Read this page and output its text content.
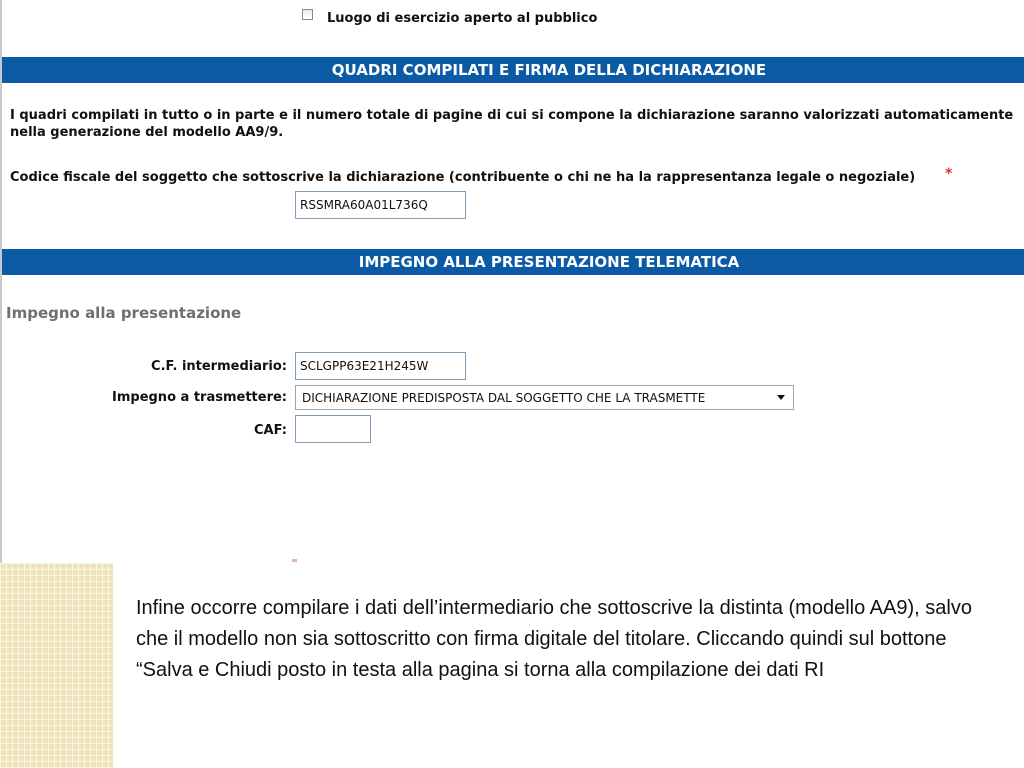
Luogo di esercizio aperto al pubblico
QUADRI COMPILATI E FIRMA DELLA DICHIARAZIONE
I quadri compilati in tutto o in parte e il numero totale di pagine di cui si compone la dichiarazione saranno valorizzati automaticamente
nella generazione del modello AA9/9.
Codice fiscale del soggetto che sottoscrive la dichiarazione (contribuente o chi ne ha la rappresentanza legale o negoziale) *
RSSMRA60A01L736Q
IMPEGNO ALLA PRESENTAZIONE TELEMATICA
Impegno alla presentazione
C.F. intermediario:	SCLGPP63E21H245W
Impegno a trasmettere: DICHIARAZIONE PREDISPOSTA DAL SOGGETTO CHE LA TRASMETTE
CAF:
Infine occorre compilare i dati dell’intermediario che sottoscrive la distinta (modello AA9), salvo che il modello non sia sottoscritto con firma digitale del titolare. Cliccando quindi sul bottone “Salva e Chiudi posto in testa alla pagina si torna alla compilazione dei dati RI
